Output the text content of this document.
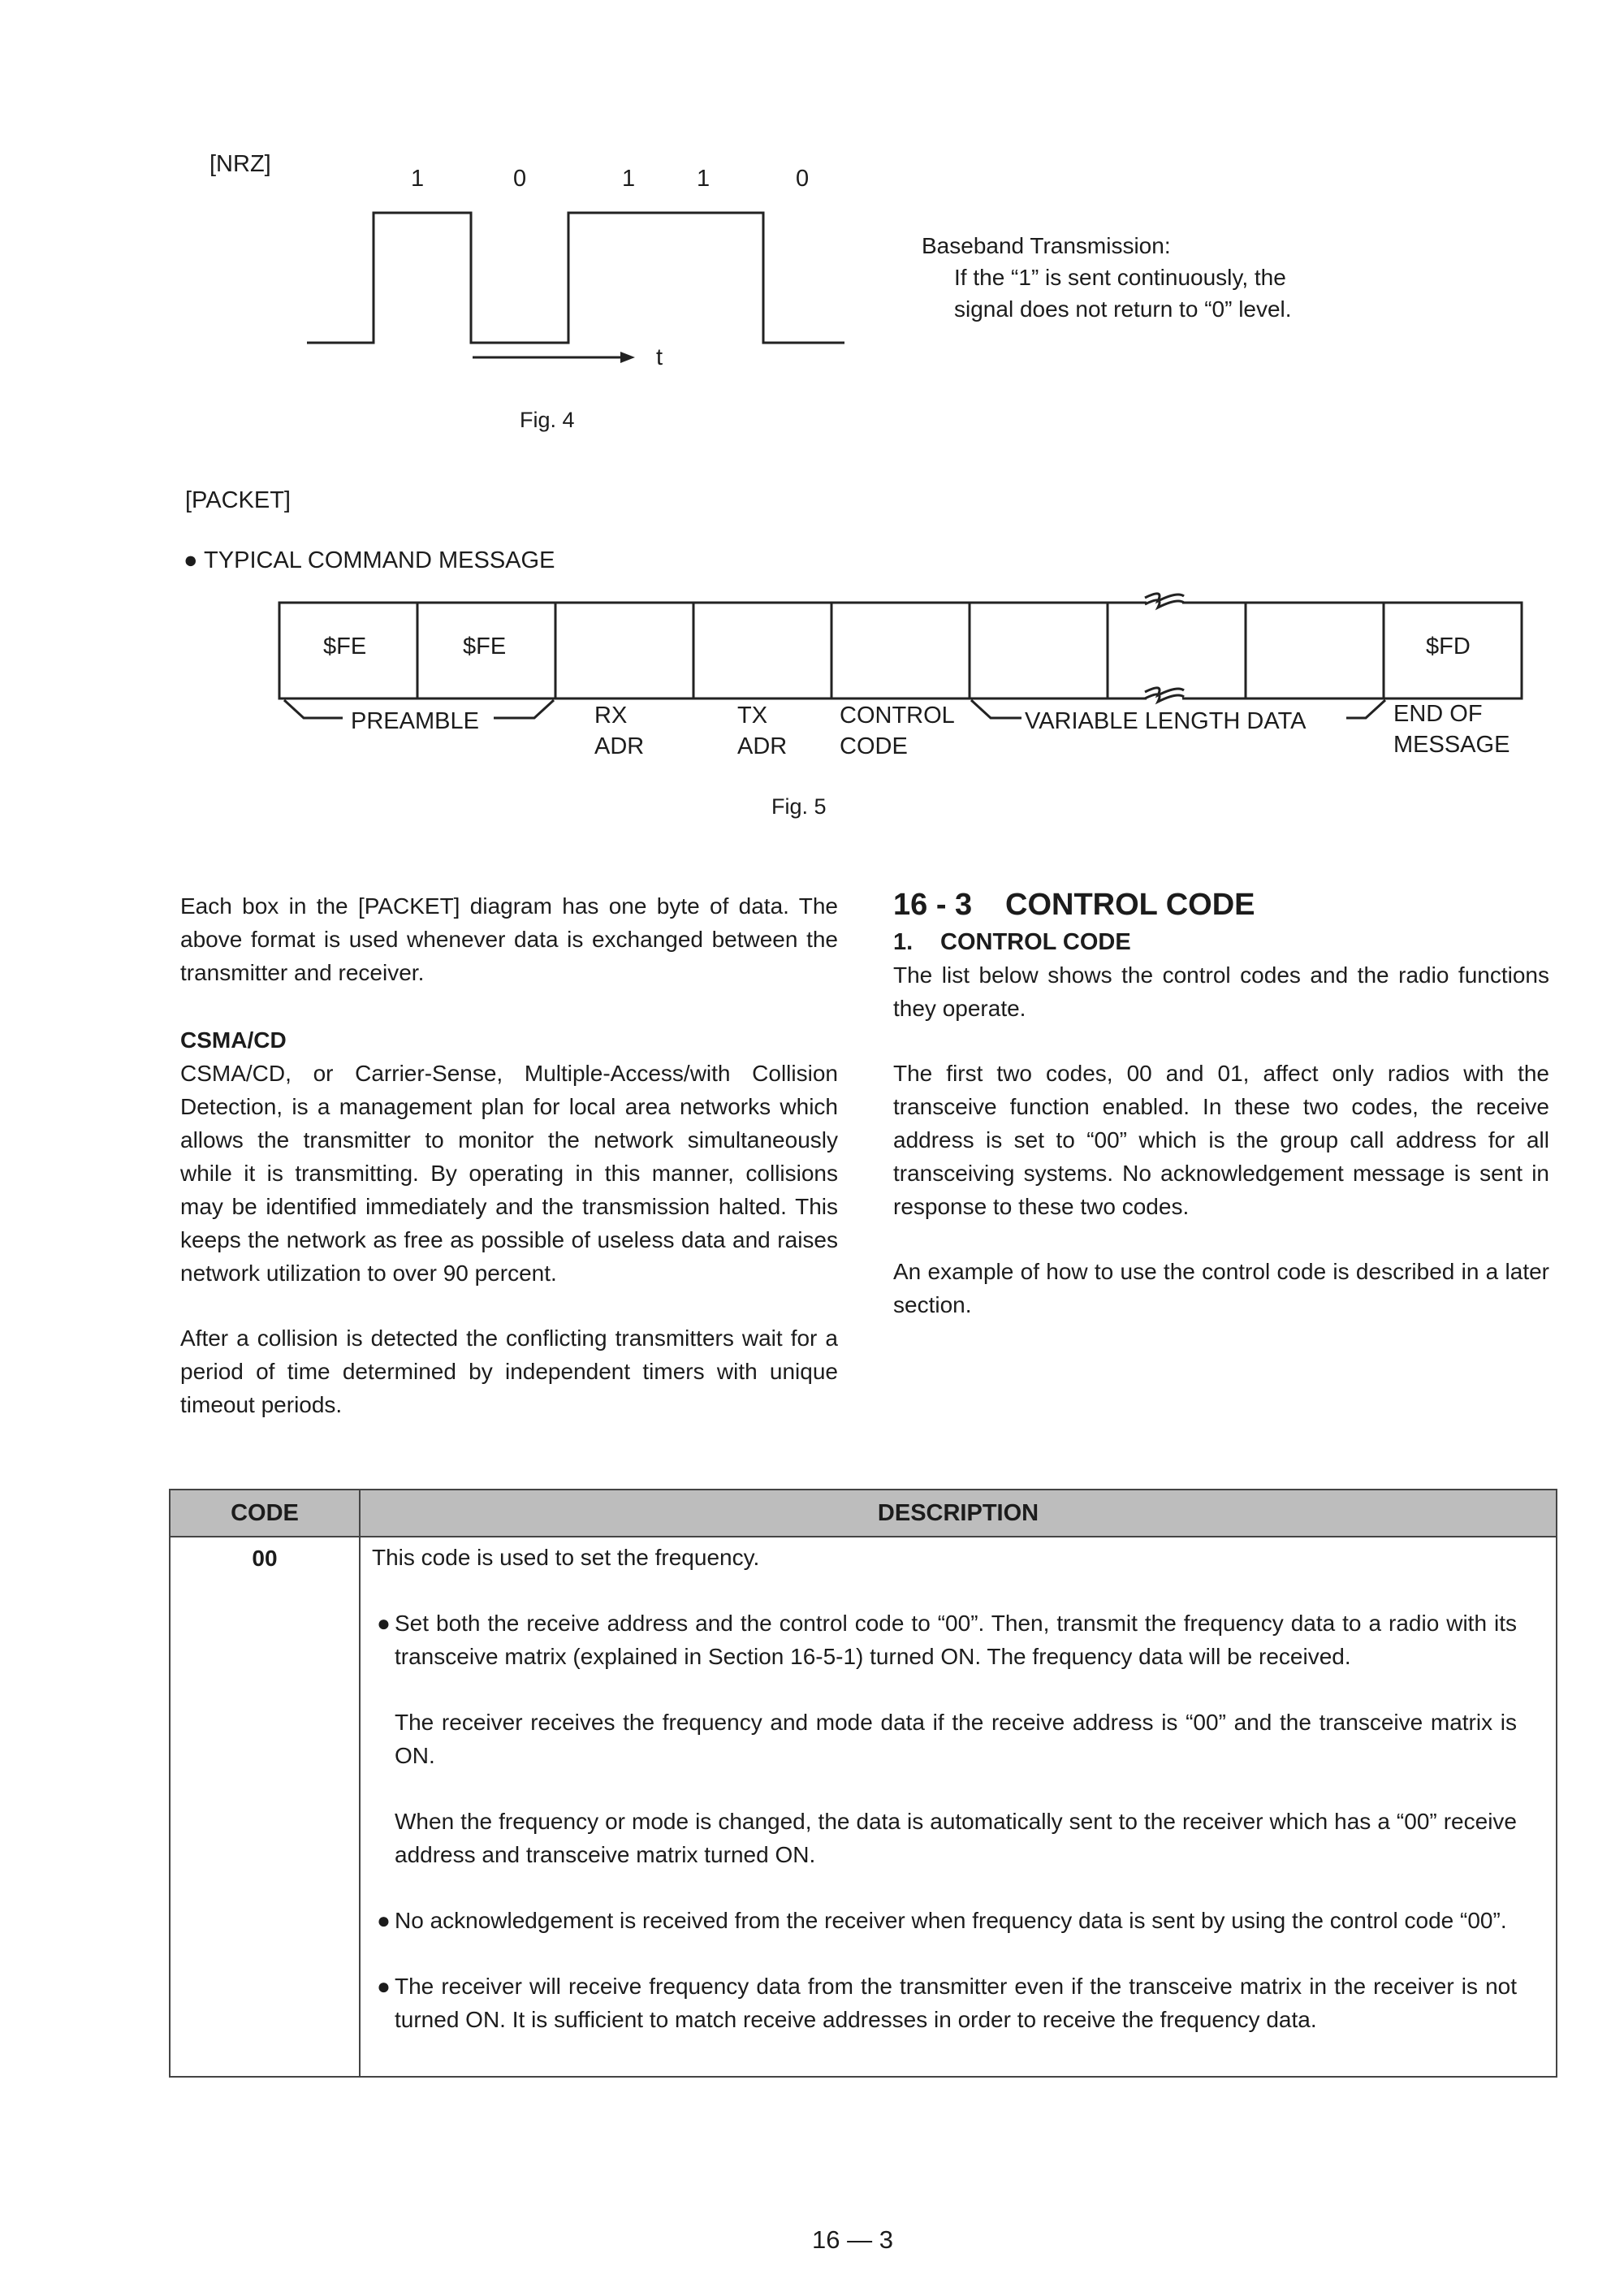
[NRZ]
1	0	1	1	0
t
Fig. 4
Baseband Transmission:
If the “1” is sent continuously, the
signal does not return to “0” level.
[PACKET]
● TYPICAL COMMAND MESSAGE
$FE	$FE	$FD
PREAMBLE	RX
ADR
TX
ADR
CONTROL
CODE
VARIABLE LENGTH DATA	END OF
MESSAGE
Fig. 5

Each box in the [PACKET] diagram has one byte of data. The above format is used whenever data is exchanged between the transmitter and receiver.

CSMA/CD

CSMA/CD, or Carrier-Sense, Multiple-Access/with Collision Detection, is a management plan for local area networks which allows the transmitter to monitor the network simultaneously while it is transmitting. By operating in this manner, collisions may be identified immediately and the transmission halted. This keeps the network as free as possible of useless data and raises network utilization to over 90 percent.

After a collision is detected the conflicting transmitters wait for a period of time determined by independent timers with unique timeout periods.

16 - 3 CONTROL CODE
1. CONTROL CODE

The list below shows the control codes and the radio functions they operate.

The first two codes, 00 and 01, affect only radios with the transceive function enabled. In these two codes, the receive address is set to “00” which is the group call address for all transceiving systems. No acknowledgement message is sent in response to these two codes.

An example of how to use the control code is described in a later section.

CODE	DESCRIPTION
00	This code is used to set the frequency.

● Set both the receive address and the control code to “00”. Then, transmit the frequency data to a radio with its transceive matrix (explained in Section 16-5-1) turned ON. The frequency data will be received.

The receiver receives the frequency and mode data if the receive address is “00” and the transceive matrix is ON.

When the frequency or mode is changed, the data is automatically sent to the receiver which has a “00” receive address and transceive matrix turned ON.

● No acknowledgement is received from the receiver when frequency data is sent by using the control code “00”.

● The receiver will receive frequency data from the transmitter even if the transceive matrix in the receiver is not turned ON. It is sufficient to match receive addresses in order to receive the frequency data.

16 — 3
